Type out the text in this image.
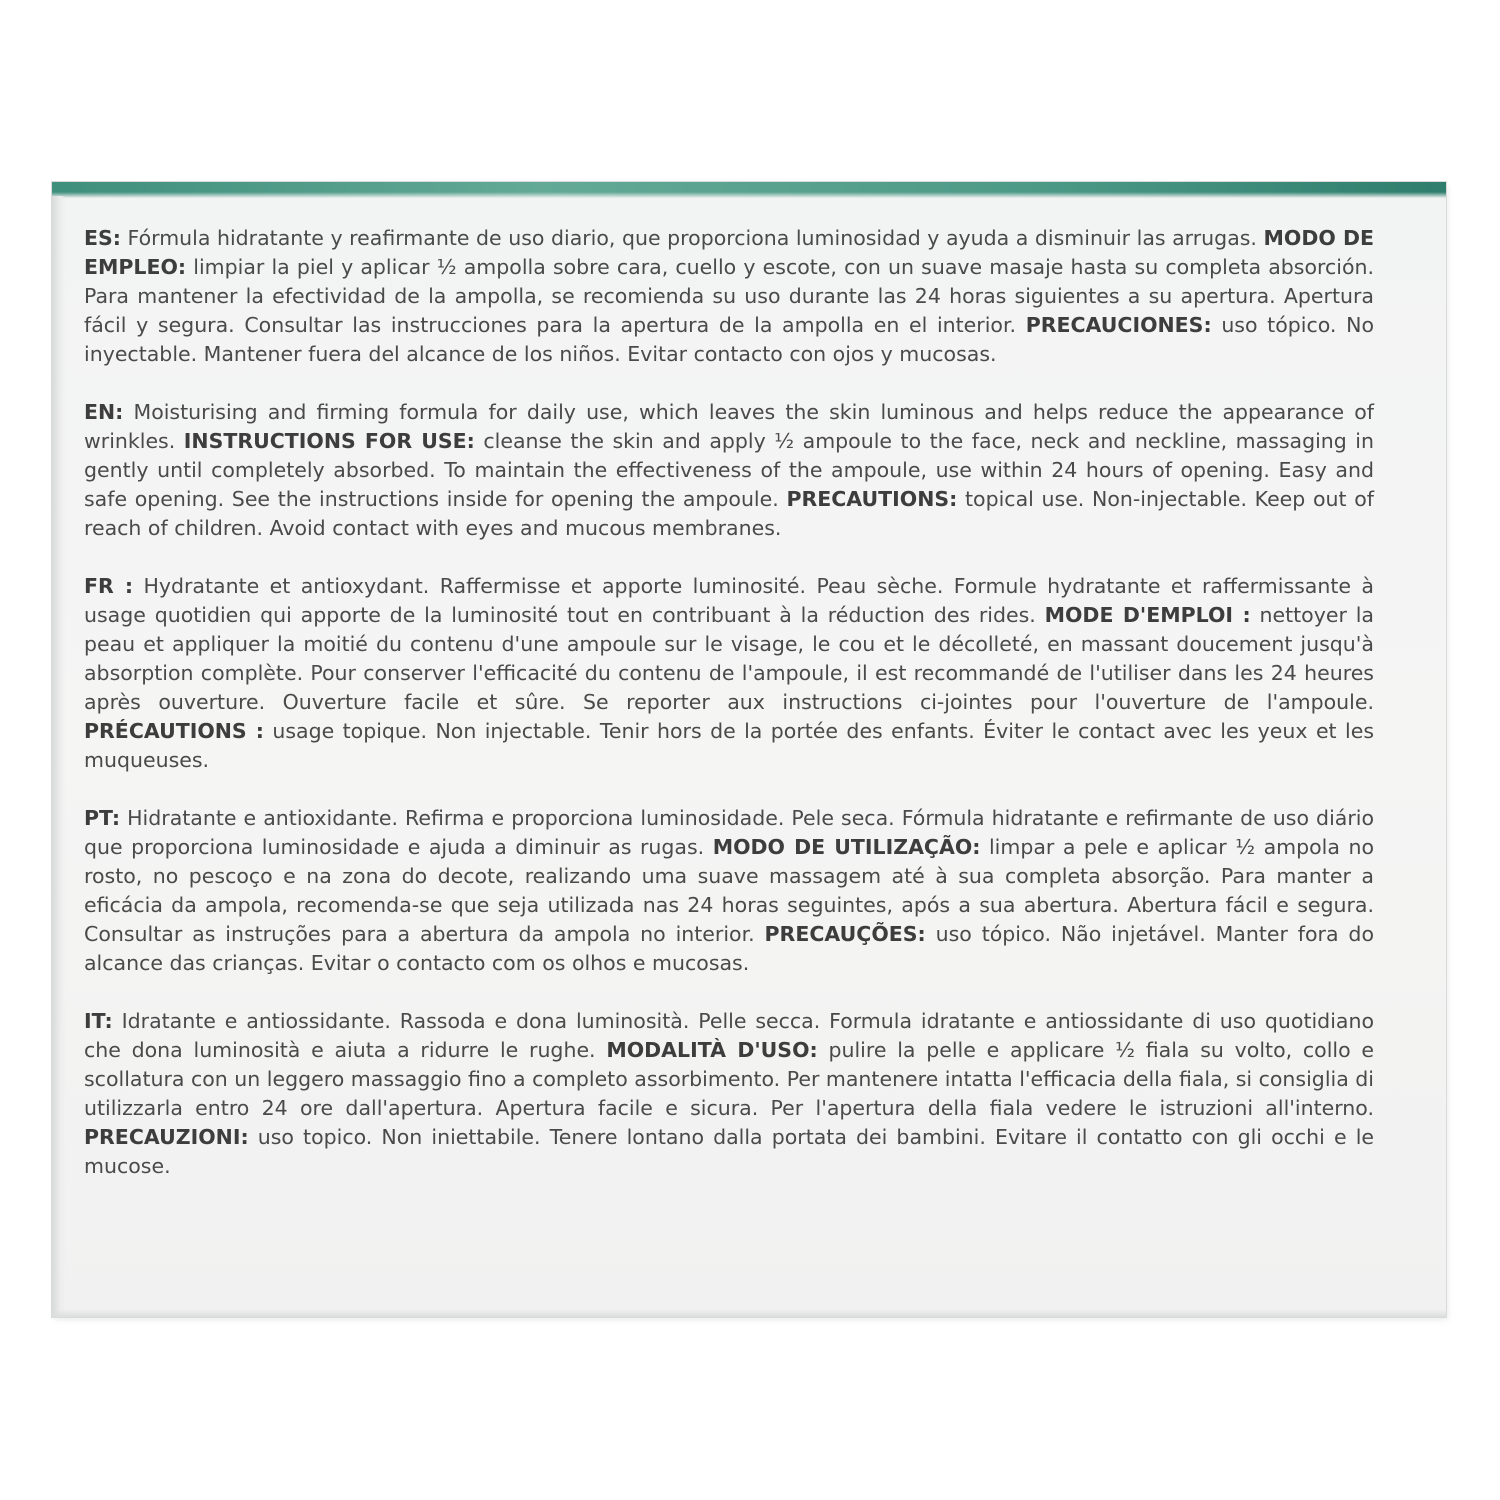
ES: Fórmula hidratante y reafirmante de uso diario, que proporciona luminosidad y ayuda a disminuir las arrugas. MODO DE EMPLEO: limpiar la piel y aplicar ½ ampolla sobre cara, cuello y escote, con un suave masaje hasta su completa absorción. Para mantener la efectividad de la ampolla, se recomienda su uso durante las 24 horas siguientes a su apertura. Apertura fácil y segura. Consultar las instrucciones para la apertura de la ampolla en el interior. PRECAUCIONES: uso tópico. No inyectable. Mantener fuera del alcance de los niños. Evitar contacto con ojos y mucosas.

EN: Moisturising and firming formula for daily use, which leaves the skin luminous and helps reduce the appearance of wrinkles. INSTRUCTIONS FOR USE: cleanse the skin and apply ½ ampoule to the face, neck and neckline, massaging in gently until completely absorbed. To maintain the effectiveness of the ampoule, use within 24 hours of opening. Easy and safe opening. See the instructions inside for opening the ampoule. PRECAUTIONS: topical use. Non-injectable. Keep out of reach of children. Avoid contact with eyes and mucous membranes.

FR : Hydratante et antioxydant. Raffermisse et apporte luminosité. Peau sèche. Formule hydratante et raffermissante à usage quotidien qui apporte de la luminosité tout en contribuant à la réduction des rides. MODE D'EMPLOI : nettoyer la peau et appliquer la moitié du contenu d'une ampoule sur le visage, le cou et le décolleté, en massant doucement jusqu'à absorption complète. Pour conserver l'efficacité du contenu de l'ampoule, il est recommandé de l'utiliser dans les 24 heures après ouverture. Ouverture facile et sûre. Se reporter aux instructions ci-jointes pour l'ouverture de l'ampoule. PRÉCAUTIONS : usage topique. Non injectable. Tenir hors de la portée des enfants. Éviter le contact avec les yeux et les muqueuses.

PT: Hidratante e antioxidante. Refirma e proporciona luminosidade. Pele seca. Fórmula hidratante e refirmante de uso diário que proporciona luminosidade e ajuda a diminuir as rugas. MODO DE UTILIZAÇÃO: limpar a pele e aplicar ½ ampola no rosto, no pescoço e na zona do decote, realizando uma suave massagem até à sua completa absorção. Para manter a eficácia da ampola, recomenda-se que seja utilizada nas 24 horas seguintes, após a sua abertura. Abertura fácil e segura. Consultar as instruções para a abertura da ampola no interior. PRECAUÇÕES: uso tópico. Não injetável. Manter fora do alcance das crianças. Evitar o contacto com os olhos e mucosas.

IT: Idratante e antiossidante. Rassoda e dona luminosità. Pelle secca. Formula idratante e antiossidante di uso quotidiano che dona luminosità e aiuta a ridurre le rughe. MODALITÀ D'USO: pulire la pelle e applicare ½ fiala su volto, collo e scollatura con un leggero massaggio fino a completo assorbimento. Per mantenere intatta l'efficacia della fiala, si consiglia di utilizzarla entro 24 ore dall'apertura. Apertura facile e sicura. Per l'apertura della fiala vedere le istruzioni all'interno. PRECAUZIONI: uso topico. Non iniettabile. Tenere lontano dalla portata dei bambini. Evitare il contatto con gli occhi e le mucose.
